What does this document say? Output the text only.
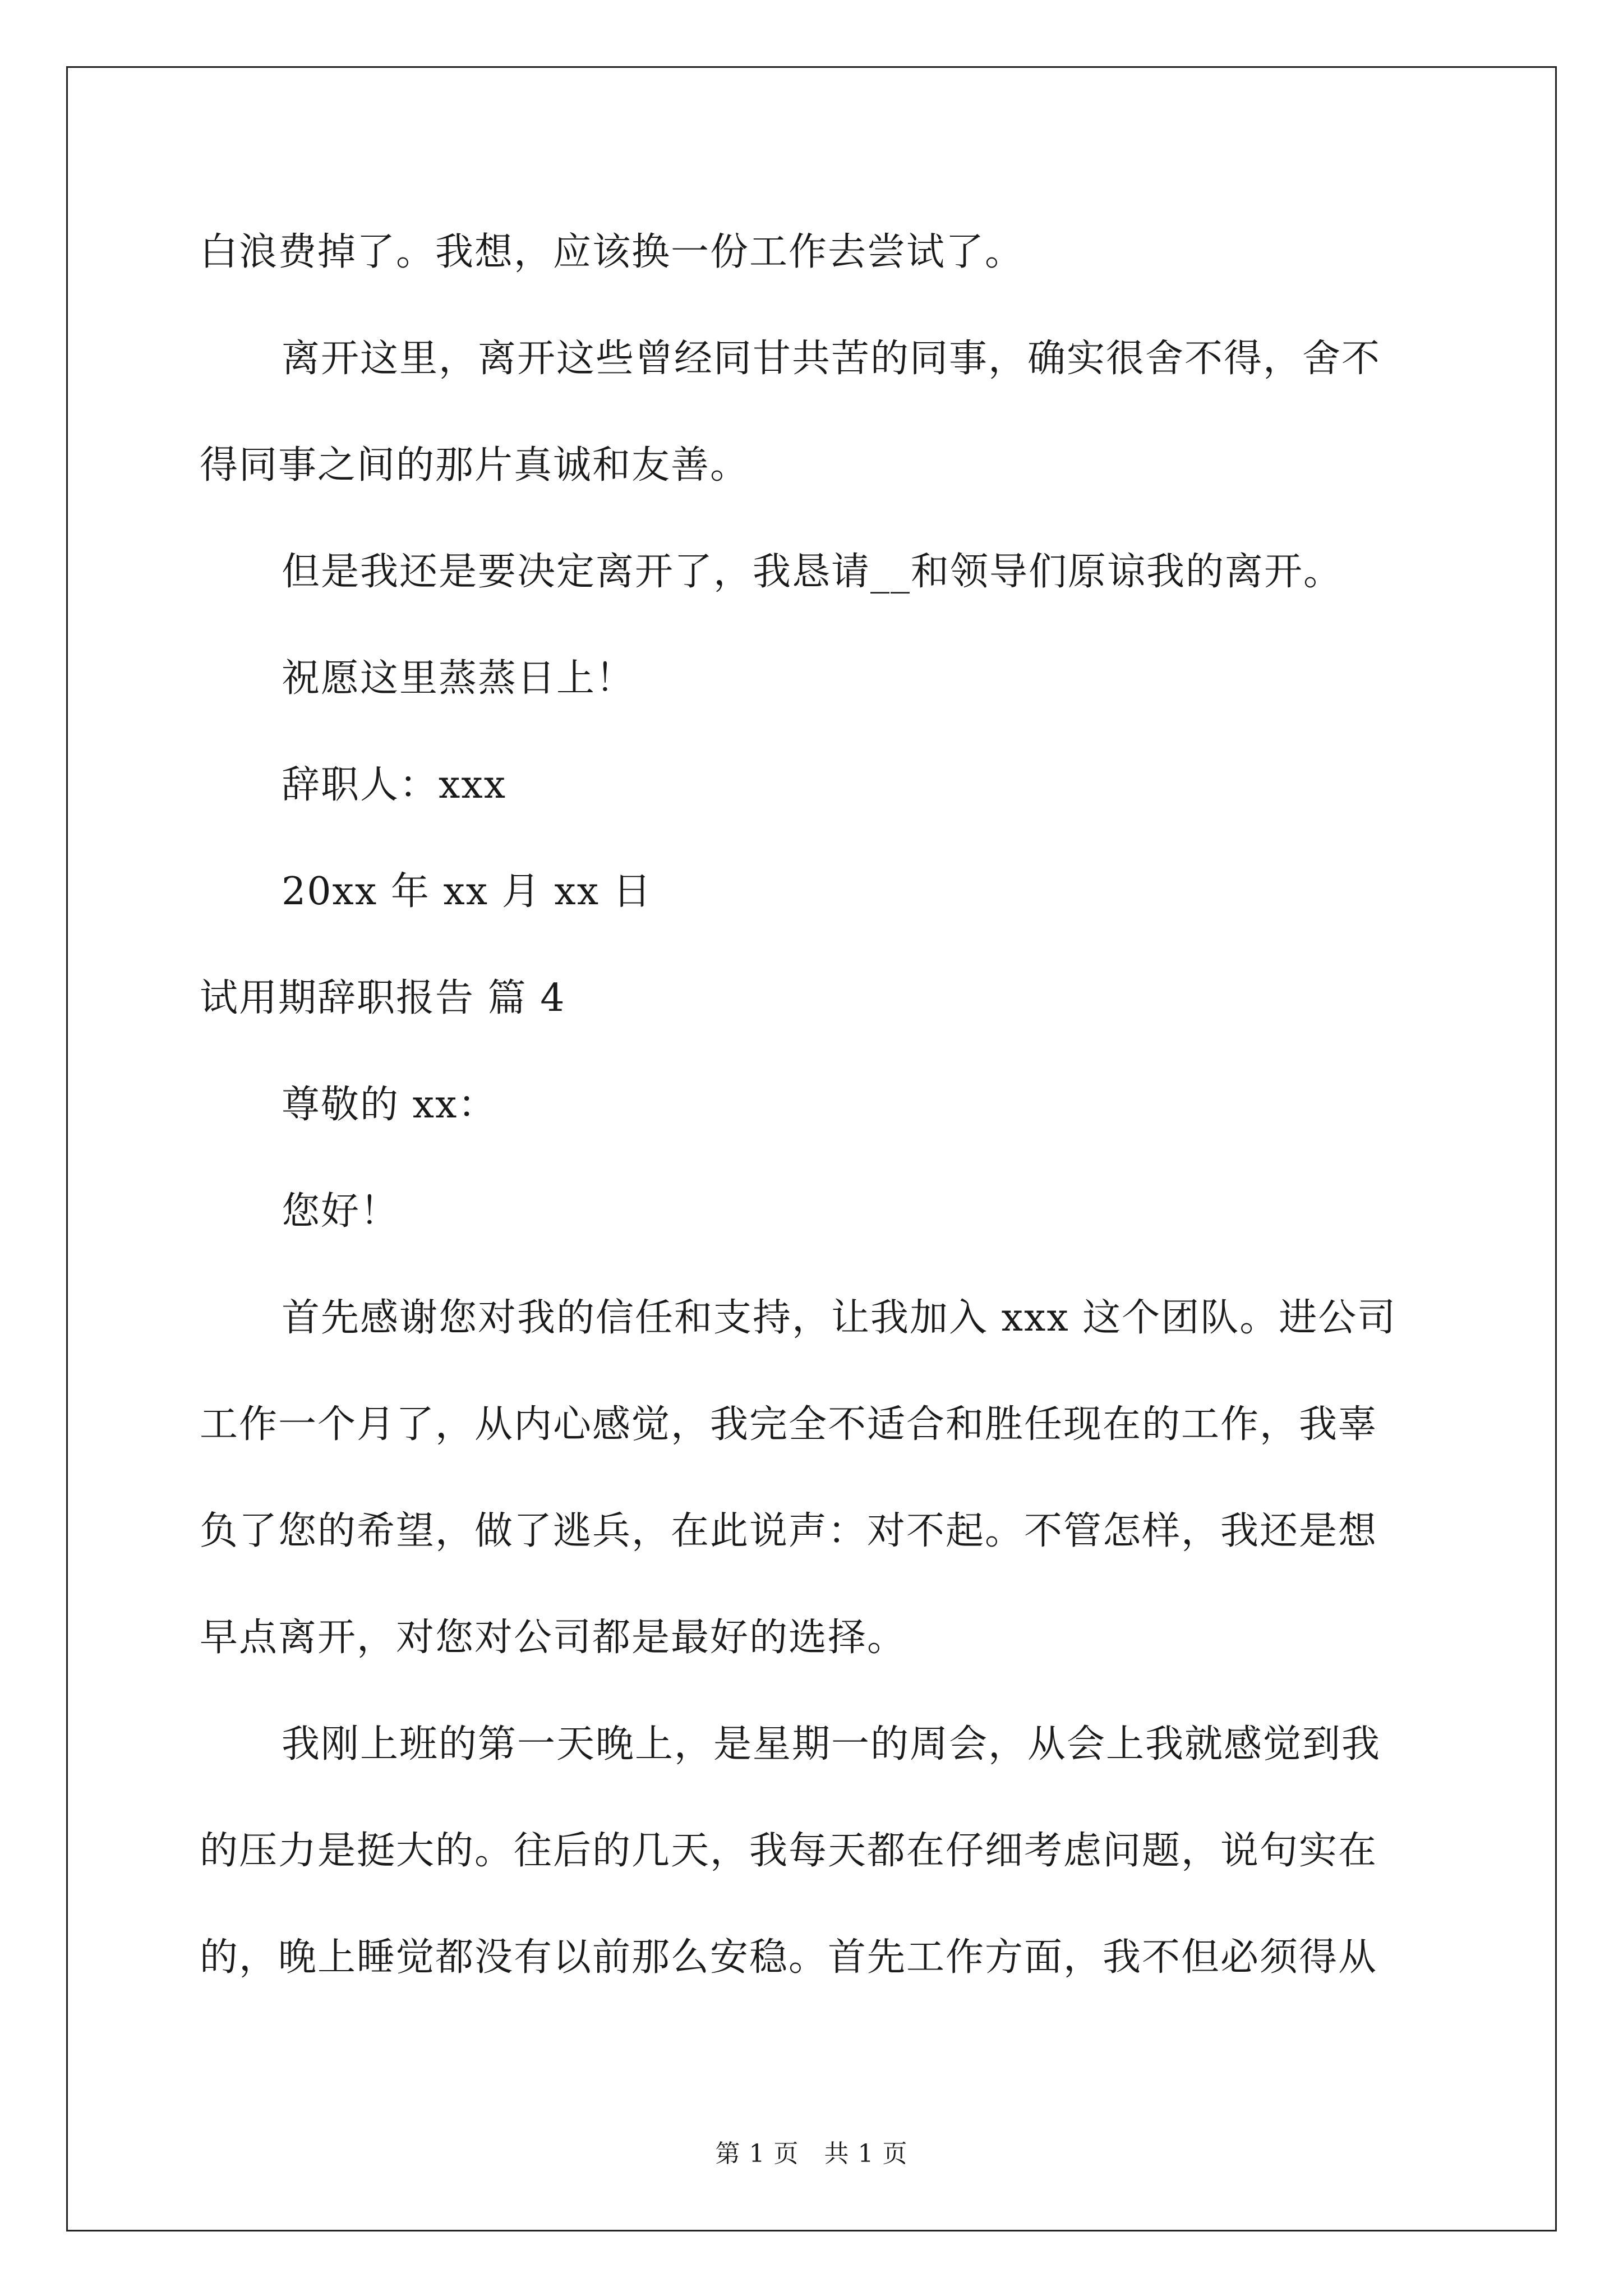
白浪费掉了。我想，应该换一份工作去尝试了。
离开这里，离开这些曾经同甘共苦的同事，确实很舍不得，舍不
得同事之间的那片真诚和友善。
但是我还是要决定离开了，我恳请__和领导们原谅我的离开。
祝愿这里蒸蒸日上！
辞职人：xxx
20xx 年 xx 月 xx 日
试用期辞职报告 篇 4
尊敬的 xx：
您好！
首先感谢您对我的信任和支持，让我加入 xxx 这个团队。进公司
工作一个月了，从内心感觉，我完全不适合和胜任现在的工作，我辜
负了您的希望，做了逃兵，在此说声：对不起。不管怎样，我还是想
早点离开，对您对公司都是最好的选择。
我刚上班的第一天晚上，是星期一的周会，从会上我就感觉到我
的压力是挺大的。往后的几天，我每天都在仔细考虑问题，说句实在
的，晚上睡觉都没有以前那么安稳。首先工作方面，我不但必须得从
第 1 页　共 1 页
